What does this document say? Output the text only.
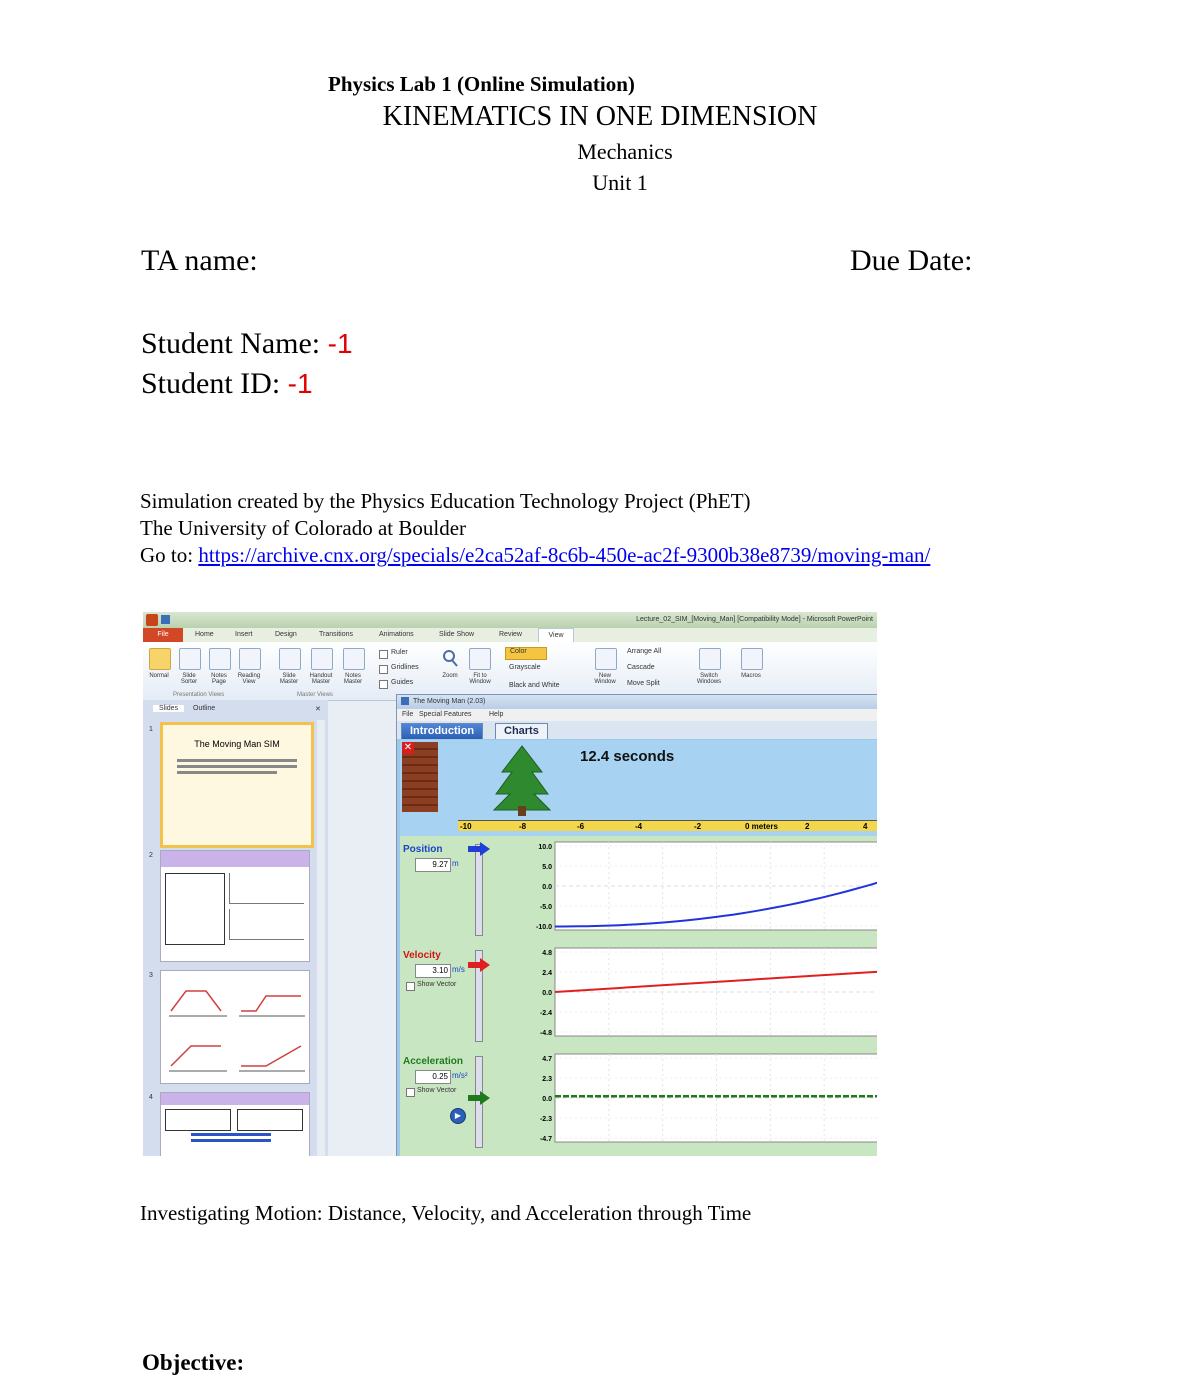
Physics Lab 1 (Online Simulation)
KINEMATICS IN ONE DIMENSION
Mechanics
Unit 1
TA name:	Due Date:
Student Name: -1
Student ID: -1
Simulation created by the Physics Education Technology Project (PhET)
The University of Colorado at Boulder
Go to: https://archive.cnx.org/specials/e2ca52af-8c6b-450e-ac2f-9300b38e8739/moving-man/
Lecture_02_SIM_[Moving_Man] [Compatibility Mode] - Microsoft PowerPoint
File	Home	Insert	Design	Transitions	Animations	Slide Show	Review	View
Normal	Slide Sorter
Notes Page
Reading View
Slide Master
Handout Master
Notes Master
Presentation Views	Master Views
Ruler
Gridlines
Guides
Zoom	Fit to Window
Color
Grayscale
Black and White
New Window
Arrange All
Cascade
Move Split
Switch Windows
Macros
Slides	Outline	✕
1
The Moving Man SIM
2
3
4
The Moving Man (2.03)
File Special Features Help
Introduction	Charts
✕
12.4 seconds
-10	-8	-6	-4	-2	0 meters	2	4
Position
9.27 m
Velocity
3.10 m/s
Show Vector
Acceleration
0.25 m/s²
Show Vector
▶
10.0
5.0
0.0
-5.0
-10.0
4.8
2.4
0.0
-2.4
-4.8
4.7
2.3
0.0
-2.3
-4.7
Investigating Motion: Distance, Velocity, and Acceleration through Time
Objective:
